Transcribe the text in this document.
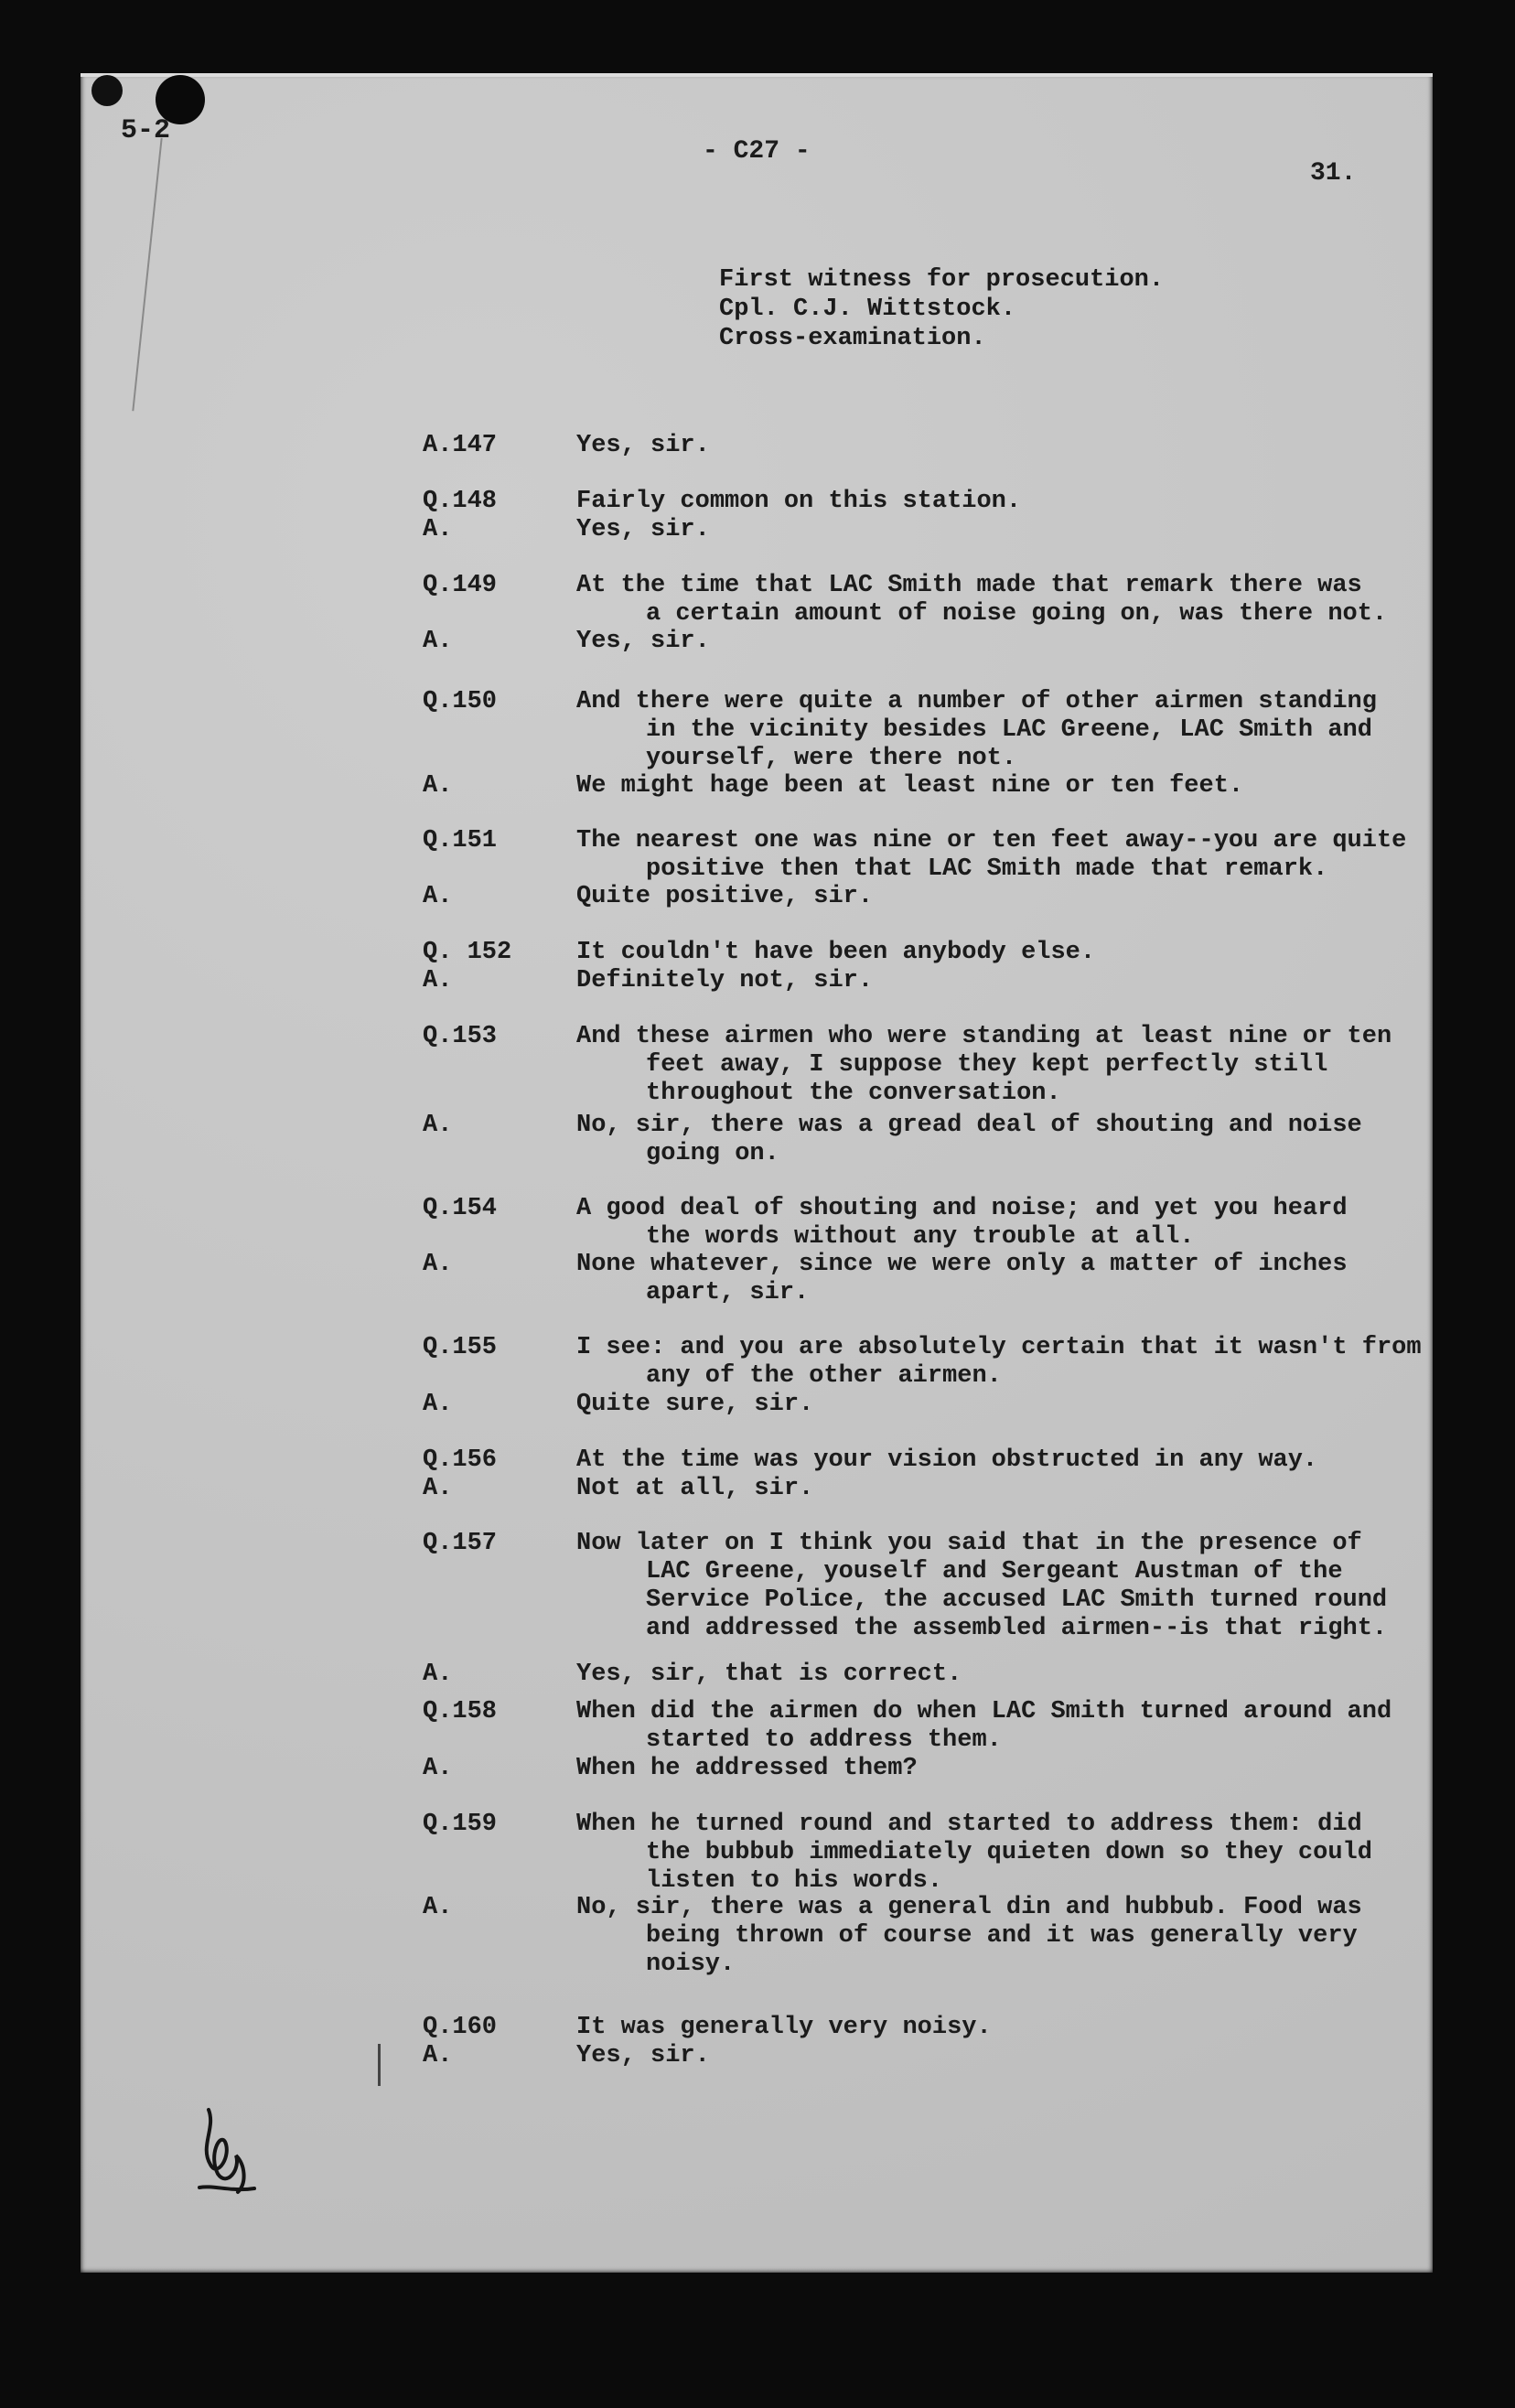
5-2
- C27 -
31.
First witness for prosecution.
Cpl. C.J. Wittstock.
Cross-examination.
A.147	Yes, sir.
Q.148	Fairly common on this station.
A.	Yes, sir.
Q.149	At the time that LAC Smith made that remark there was
a certain amount of noise going on, was there not.
A.	Yes, sir.
Q.150	And there were quite a number of other airmen standing
in the vicinity besides LAC Greene, LAC Smith and
yourself, were there not.
A.	We might hage been at least nine or ten feet.
Q.151	The nearest one was nine or ten feet away--you are quite
positive then that LAC Smith made that remark.
A.	Quite positive, sir.
Q. 152	It couldn't have been anybody else.
A.	Definitely not, sir.
Q.153	And these airmen who were standing at least nine or ten
feet away, I suppose they kept perfectly still
throughout the conversation.
A.	No, sir, there was a gread deal of shouting and noise
going on.
Q.154	A good deal of shouting and noise; and yet you heard
the words without any trouble at all.
A.	None whatever, since we were only a matter of inches
apart, sir.
Q.155	I see: and you are absolutely certain that it wasn't from
any of the other airmen.
A.	Quite sure, sir.
Q.156	At the time was your vision obstructed in any way.
A.	Not at all, sir.
Q.157	Now later on I think you said that in the presence of
LAC Greene, youself and Sergeant Austman of the
Service Police, the accused LAC Smith turned round
and addressed the assembled airmen--is that right.
A.	Yes, sir, that is correct.
Q.158	When did the airmen do when LAC Smith turned around and
started to address them.
A.	When he addressed them?
Q.159	When he turned round and started to address them: did
the bubbub immediately quieten down so they could
listen to his words.
A.	No, sir, there was a general din and hubbub. Food was
being thrown of course and it was generally very
noisy.
Q.160	It was generally very noisy.
A.	Yes, sir.
